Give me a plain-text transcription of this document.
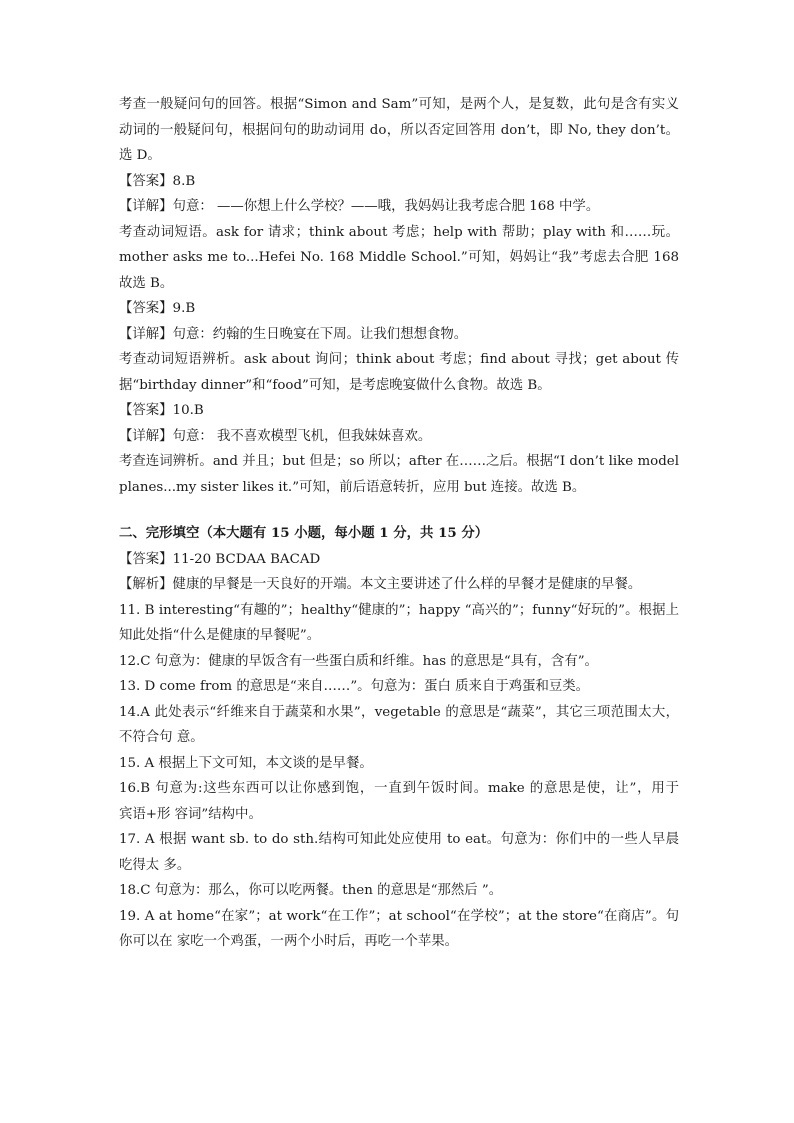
考查一般疑问句的回答。根据“Simon and Sam”可知，是两个人，是复数，此句是含有实义
动词的一般疑问句，根据问句的助动词用 do，所以否定回答用 don’t，即 No, they don’t。
选 D。
【答案】8.B
【详解】句意： ——你想上什么学校？——哦，我妈妈让我考虑合肥 168 中学。
考查动词短语。ask for 请求；think about 考虑；help with 帮助；play with 和……玩。
mother asks me to...Hefei No. 168 Middle School.”可知，妈妈让“我”考虑去合肥 168
故选 B。
【答案】9.B
【详解】句意：约翰的生日晚宴在下周。让我们想想食物。
考查动词短语辨析。ask about 询问；think about 考虑；find about 寻找；get about 传
据“birthday dinner”和“food”可知，是考虑晚宴做什么食物。故选 B。
【答案】10.B
【详解】句意： 我不喜欢模型飞机，但我妹妹喜欢。
考查连词辨析。and 并且；but 但是；so 所以；after 在……之后。根据“I don’t like model
planes...my sister likes it.”可知，前后语意转折，应用 but 连接。故选 B。
二、完形填空（本大题有 15 小题，每小题 1 分，共 15 分）
【答案】11-20 BCDAA BACAD
【解析】健康的早餐是一天良好的开端。本文主要讲述了什么样的早餐才是健康的早餐。
11. B interesting“有趣的”；healthy“健康的”；happy “高兴的”；funny“好玩的”。根据上
知此处指“什么是健康的早餐呢”。
12.C 句意为：健康的早饭含有一些蛋白质和纤维。has 的意思是“具有，含有”。
13. D come from 的意思是“来自……”。句意为：蛋白 质来自于鸡蛋和豆类。
14.A 此处表示“纤维来自于蔬菜和水果”，vegetable 的意思是“蔬菜”，其它三项范围太大，
不符合句 意。
15. A 根据上下文可知，本文谈的是早餐。
16.B 句意为:这些东西可以让你感到饱，一直到午饭时间。make 的意思是使，让”，用于
宾语+形 容词”结构中。
17. A 根据 want sb. to do sth.结构可知此处应使用 to eat。句意为：你们中的一些人早晨
吃得太 多。
18.C 句意为：那么，你可以吃两餐。then 的意思是“那然后 ”。
19. A at home“在家”；at work“在工作”；at school“在学校”；at the store“在商店”。句
你可以在 家吃一个鸡蛋，一两个小时后，再吃一个苹果。
